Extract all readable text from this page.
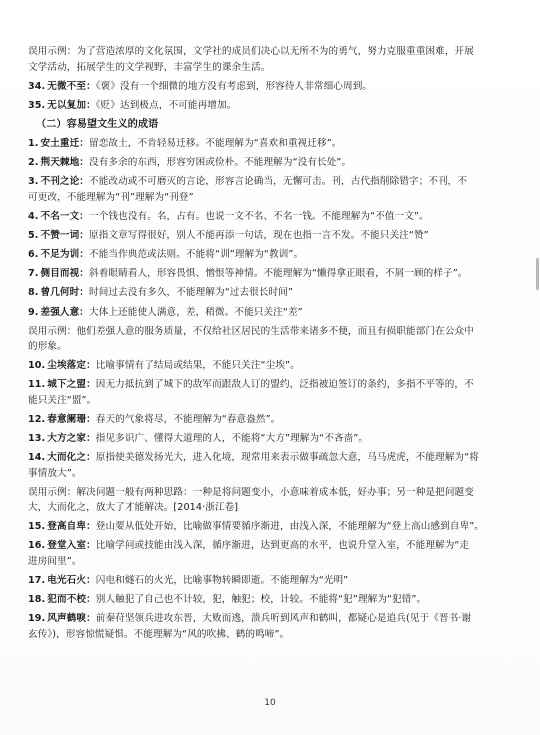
误用示例：为了营造浓厚的文化氛围，文学社的成员们决心以无所不为的勇气，努力克服重重困难，开展
文学活动，拓展学生的文学视野，丰富学生的课余生活。
34. 无微不至：《褒》没有一个细微的地方没有考虑到，形容待人非常细心周到。
35. 无以复加：《贬》达到极点，不可能再增加。
（二）容易望文生义的成语
1. 安土重迁：留恋故土，不肯轻易迁移。不能理解为“喜欢和重视迁移”。
2. 荆天棘地：没有多余的东西，形容穷困或俭朴。不能理解为“没有长处”。
3. 不刊之论：不能改动或不可磨灭的言论，形容言论确当，无懈可击。刊，古代指削除错字；不刊，不
可更改，不能理解为“刊”理解为“刊登”
4. 不名一文：一个钱也没有。名，占有。也说一文不名、不名一钱。不能理解为“不值一文”。
5. 不赞一词：原指文章写得很好，别人不能再添一句话，现在也指一言不发。不能只关注“赞”
6. 不足为训：不能当作典范或法则。不能将“训”理解为“教训”。
7. 侧目而视：斜着眼睛看人，形容畏惧、憎恨等神情。不能理解为“懒得拿正眼看，不屑一顾的样子”。
8. 曾几何时：时间过去没有多久，不能理解为“过去很长时间”
9. 差强人意：大体上还能使人满意，差，稍微。不能只关注“差”
误用示例：他们差强人意的服务质量，不仅给社区居民的生活带来诸多不便，而且有损职能部门在公众中
的形象。
10. 尘埃落定：比喻事情有了结局或结果，不能只关注“尘埃”。
11. 城下之盟：因无力抵抗到了城下的敌军而跟敌人订的盟约，泛指被迫签订的条约，多指不平等的，不
能只关注“盟”。
12. 春意阑珊：春天的气象将尽，不能理解为“春意盎然”。
13. 大方之家：指见多识广、懂得大道理的人，不能将“大方”理解为“不吝啬”。
14. 大而化之：原指使美德发扬光大，进入化境，现常用来表示做事疏忽大意，马马虎虎，不能理解为“将
事情放大”。
误用示例：解决问题一般有两种思路：一种是将问题变小，小意味着成本低，好办事；另一种是把问题变
大，大而化之，放大了才能解决。[2014·浙江卷]
15. 登高自卑：登山要从低处开始，比喻做事情要循序渐进，由浅入深，不能理解为“登上高山感到自卑”。
16. 登堂入室：比喻学问或技能由浅入深，循序渐进，达到更高的水平，也说升堂入室，不能理解为“走
进房间里”。
17. 电光石火：闪电和燧石的火光，比喻事物转瞬即逝。不能理解为“光明”
18. 犯而不校：别人触犯了自己也不计较，犯，触犯；校，计较。不能将“犯”理解为“犯错”。
19. 风声鹤唳：前秦苻坚领兵进攻东晋，大败而逃，溃兵听到风声和鹤叫，都疑心是追兵(见于《晋书·谢
玄传》)，形容惊慌疑惧。不能理解为“风的吹拂、鹤的鸣啼”。
10
